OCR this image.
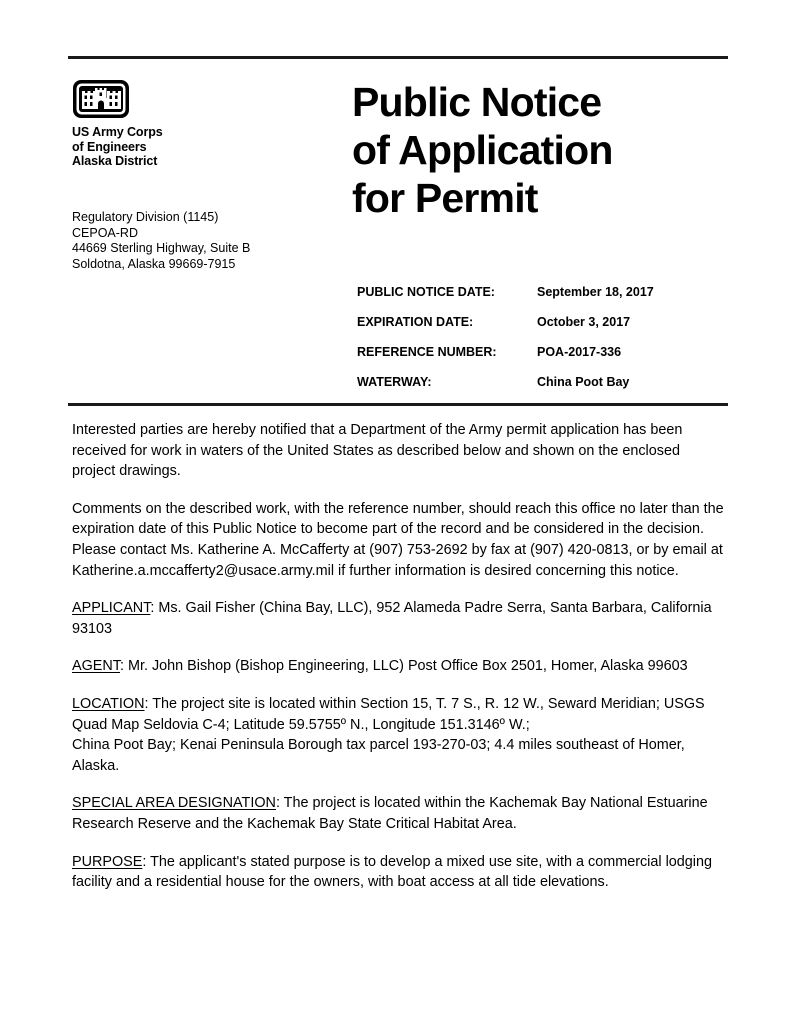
US Army Corps
of Engineers
Alaska District
Regulatory Division (1145)
CEPOA-RD
44669 Sterling Highway, Suite B
Soldotna, Alaska 99669-7915
Public Notice
of Application
for Permit
PUBLIC NOTICE DATE:	September 18, 2017
EXPIRATION DATE:	October 3, 2017
REFERENCE NUMBER:	POA-2017-336
WATERWAY:	China Poot Bay

Interested parties are hereby notified that a Department of the Army permit application has been received for work in waters of the United States as described below and shown on the enclosed project drawings.

Comments on the described work, with the reference number, should reach this office no later than the expiration date of this Public Notice to become part of the record and be considered in the decision. Please contact Ms. Katherine A. McCafferty at (907) 753-2692 by fax at (907) 420-0813, or by email at Katherine.a.mccafferty2@usace.army.mil if further information is desired concerning this notice.

APPLICANT: Ms. Gail Fisher (China Bay, LLC), 952 Alameda Padre Serra, Santa Barbara, California 93103

AGENT: Mr. John Bishop (Bishop Engineering, LLC) Post Office Box 2501, Homer, Alaska 99603

LOCATION: The project site is located within Section 15, T. 7 S., R. 12 W., Seward Meridian; USGS Quad Map Seldovia C-4; Latitude 59.5755º N., Longitude 151.3146º W.;
China Poot Bay; Kenai Peninsula Borough tax parcel 193-270-03; 4.4 miles southeast of Homer, Alaska.

SPECIAL AREA DESIGNATION: The project is located within the Kachemak Bay National Estuarine Research Reserve and the Kachemak Bay State Critical Habitat Area.

PURPOSE: The applicant's stated purpose is to develop a mixed use site, with a commercial lodging facility and a residential house for the owners, with boat access at all tide elevations.
